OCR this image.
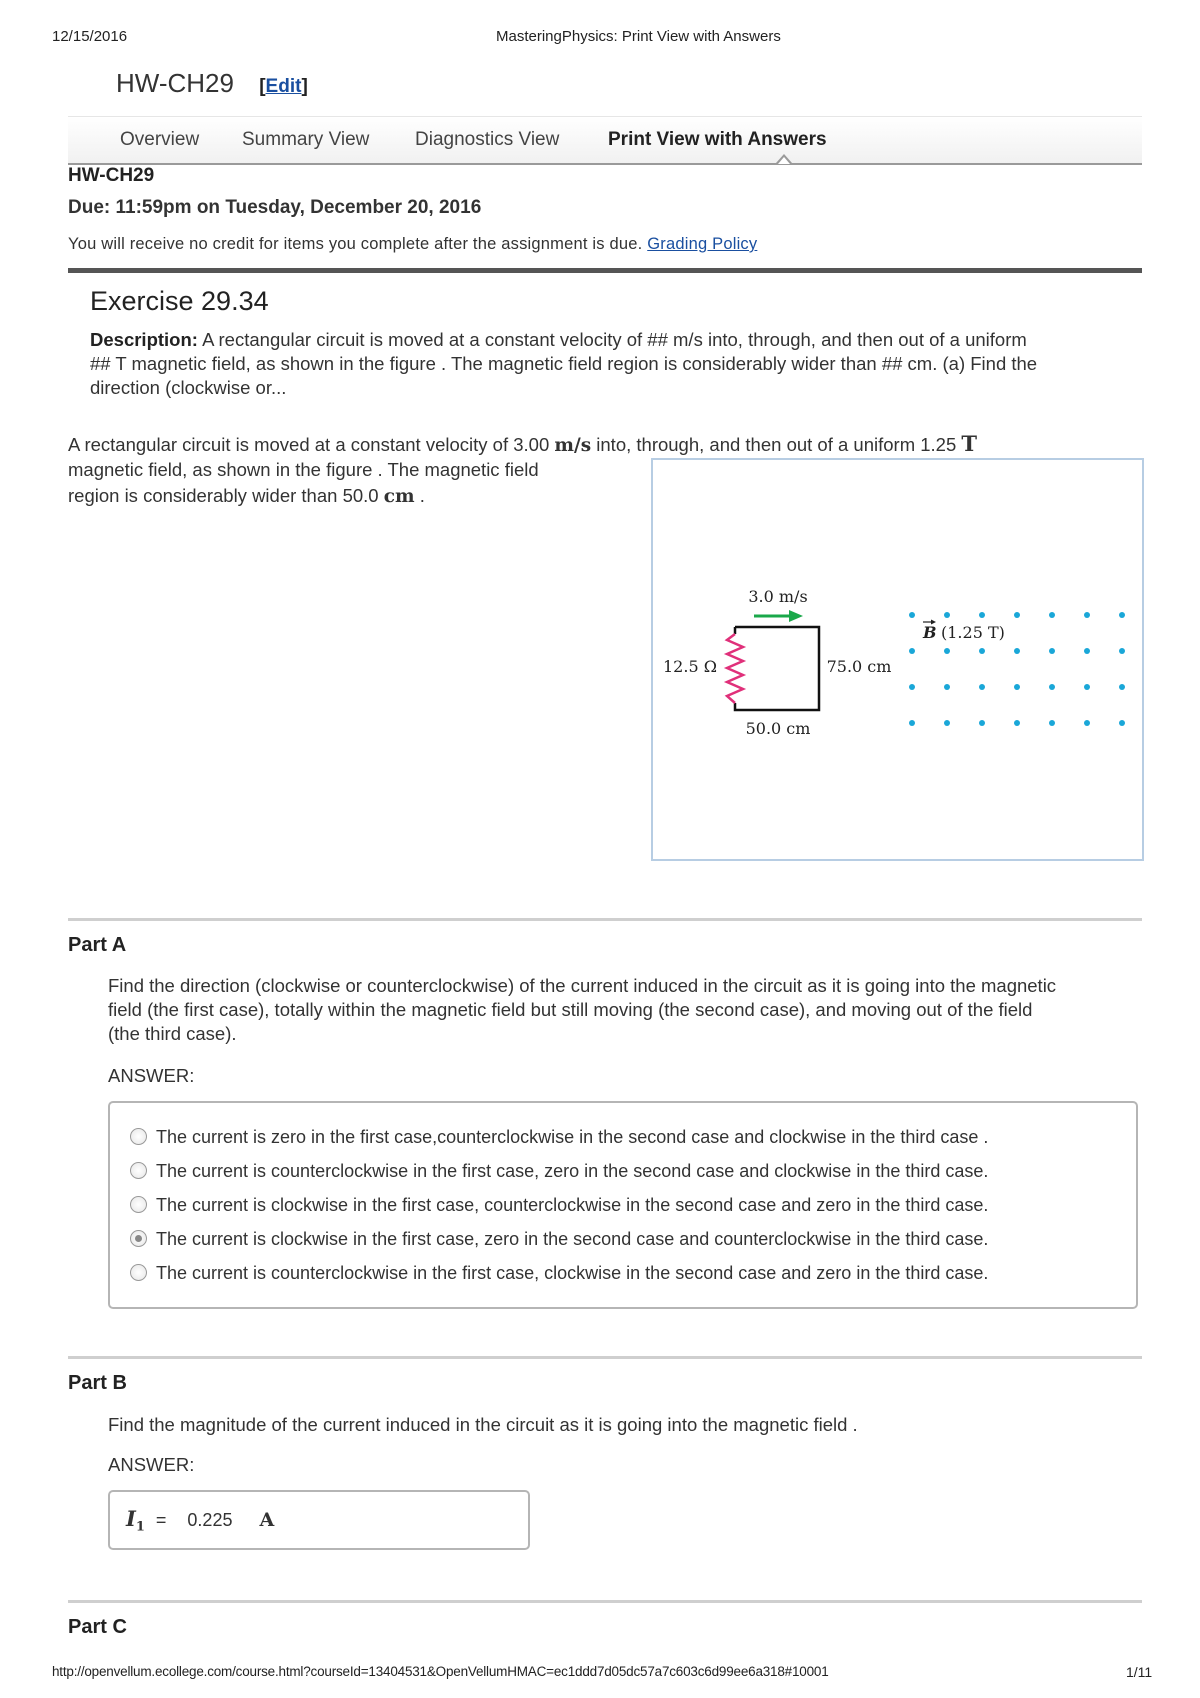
12/15/2016	MasteringPhysics: Print View with Answers
HW-CH29 [Edit]
Overview Summary View Diagnostics View	Print View with Answers
HW-CH29
Due: 11:59pm on Tuesday, December 20, 2016
You will receive no credit for items you complete after the assignment is due. Grading Policy
Exercise 29.34
Description: A rectangular circuit is moved at a constant velocity of ## m/s into, through, and then out of a uniform
## T magnetic field, as shown in the figure . The magnetic field region is considerably wider than ## cm. (a) Find the
direction (clockwise or...
A rectangular circuit is moved at a constant velocity of 3.00 m/s into, through, and then out of a uniform 1.25 T
magnetic field, as shown in the figure . The magnetic field
region is considerably wider than 50.0 cm .
3.0 m/s
12.5 Ω	75.0 cm
50.0 cm
B (1.25 T)
Part A
Find the direction (clockwise or counterclockwise) of the current induced in the circuit as it is going into the magnetic
field (the first case), totally within the magnetic field but still moving (the second case), and moving out of the field
(the third case).
ANSWER:
The current is zero in the first case,counterclockwise in the second case and clockwise in the third case .
The current is counterclockwise in the first case, zero in the second case and clockwise in the third case.
The current is clockwise in the first case, counterclockwise in the second case and zero in the third case.
The current is clockwise in the first case, zero in the second case and counterclockwise in the third case.
The current is counterclockwise in the first case, clockwise in the second case and zero in the third case.
Part B
Find the magnitude of the current induced in the circuit as it is going into the magnetic field .
ANSWER:
$I_1 = 0.225$ A
Part C
http://openvellum.ecollege.com/course.html?courseId=13404531&OpenVellumHMAC=ec1ddd7d05dc57a7c603c6d99ee6a318#10001	1/11
